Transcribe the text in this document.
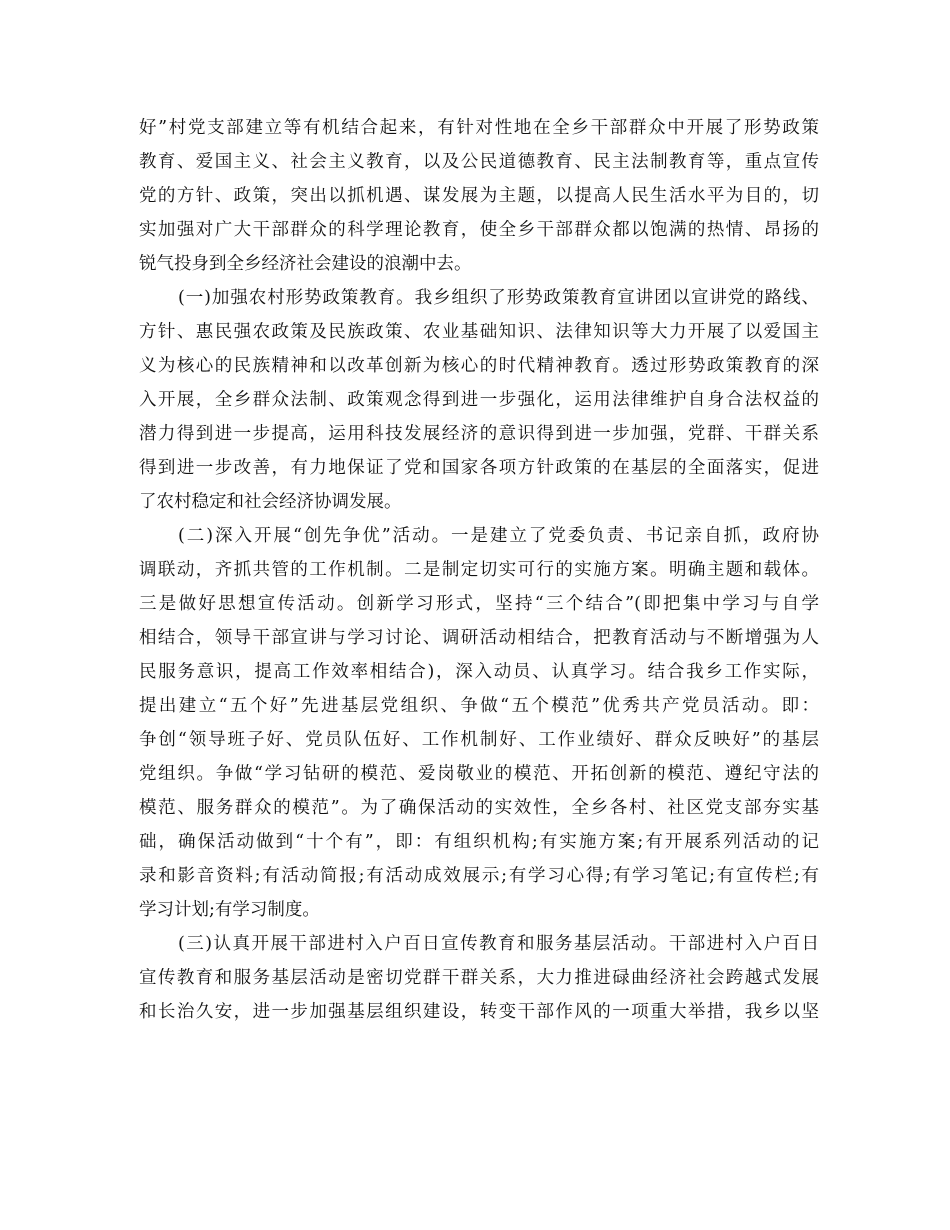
好”村党支部建立等有机结合起来，有针对性地在全乡干部群众中开展了形势政策
教育、爱国主义、社会主义教育，以及公民道德教育、民主法制教育等，重点宣传
党的方针、政策，突出以抓机遇、谋发展为主题，以提高人民生活水平为目的，切
实加强对广大干部群众的科学理论教育，使全乡干部群众都以饱满的热情、昂扬的
锐气投身到全乡经济社会建设的浪潮中去。
(一)加强农村形势政策教育。我乡组织了形势政策教育宣讲团以宣讲党的路线、
方针、惠民强农政策及民族政策、农业基础知识、法律知识等大力开展了以爱国主
义为核心的民族精神和以改革创新为核心的时代精神教育。透过形势政策教育的深
入开展，全乡群众法制、政策观念得到进一步强化，运用法律维护自身合法权益的
潜力得到进一步提高，运用科技发展经济的意识得到进一步加强，党群、干群关系
得到进一步改善，有力地保证了党和国家各项方针政策的在基层的全面落实，促进
了农村稳定和社会经济协调发展。
(二)深入开展“创先争优”活动。一是建立了党委负责、书记亲自抓，政府协
调联动，齐抓共管的工作机制。二是制定切实可行的实施方案。明确主题和载体。
三是做好思想宣传活动。创新学习形式，坚持“三个结合”(即把集中学习与自学
相结合，领导干部宣讲与学习讨论、调研活动相结合，把教育活动与不断增强为人
民服务意识，提高工作效率相结合)，深入动员、认真学习。结合我乡工作实际，
提出建立“五个好”先进基层党组织、争做“五个模范”优秀共产党员活动。即：
争创“领导班子好、党员队伍好、工作机制好、工作业绩好、群众反映好”的基层
党组织。争做“学习钻研的模范、爱岗敬业的模范、开拓创新的模范、遵纪守法的
模范、服务群众的模范”。为了确保活动的实效性，全乡各村、社区党支部夯实基
础，确保活动做到“十个有”，即：有组织机构;有实施方案;有开展系列活动的记
录和影音资料;有活动简报;有活动成效展示;有学习心得;有学习笔记;有宣传栏;有
学习计划;有学习制度。
(三)认真开展干部进村入户百日宣传教育和服务基层活动。干部进村入户百日
宣传教育和服务基层活动是密切党群干群关系，大力推进碌曲经济社会跨越式发展
和长治久安，进一步加强基层组织建设，转变干部作风的一项重大举措，我乡以坚
